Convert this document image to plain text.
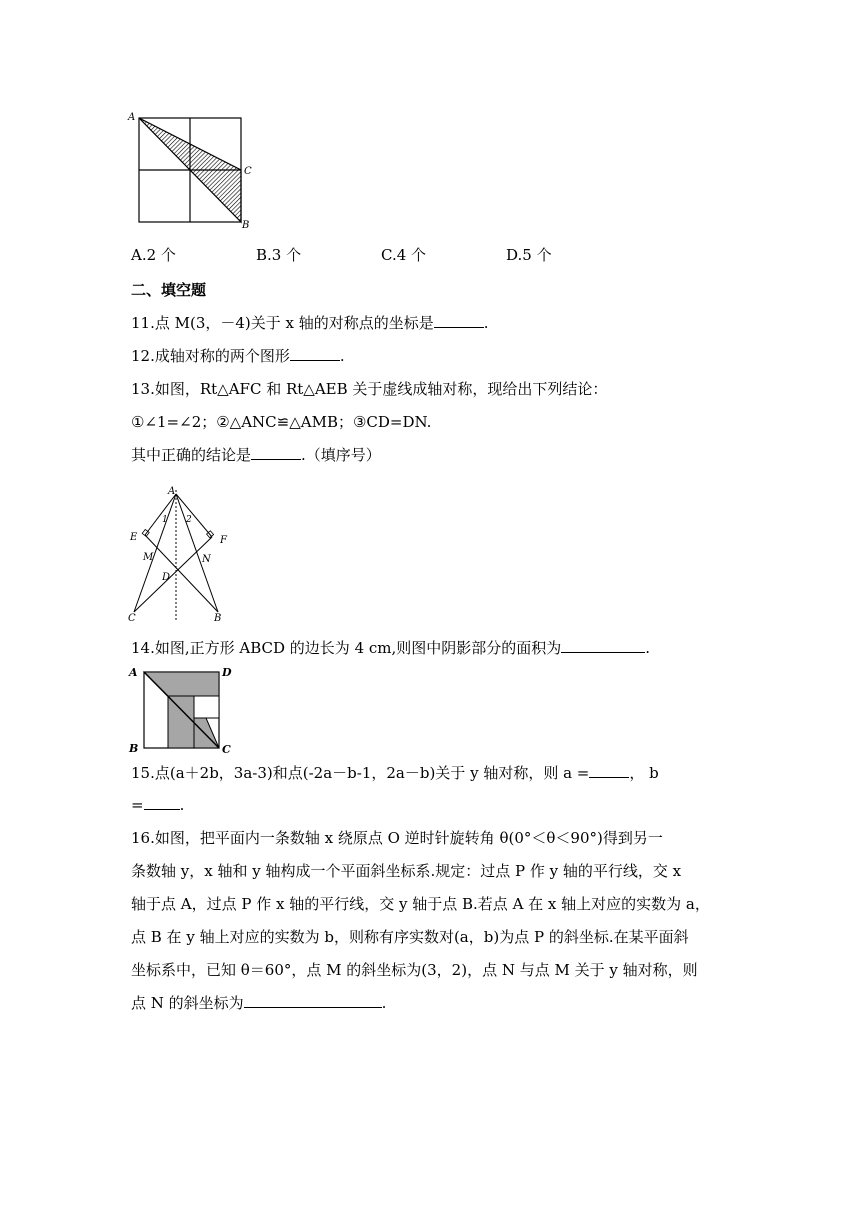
A
C
B
A.2 个	B.3 个	C.4 个	D.5 个
二、填空题
11.点 M(3，－4)关于 x 轴的对称点的坐标是	.
12.成轴对称的两个图形	.
13.如图，Rt△AFC 和 Rt△AEB 关于虚线成轴对称，现给出下列结论：
①∠1=∠2；②△ANC≌△AMB；③CD=DN.
其中正确的结论是	.（填序号）
A
1 2
E	F
M	N
D
C	B
14.如图,正方形 ABCD 的边长为 4 cm,则图中阴影部分的面积为	.
A	D
B	C
15.点(a＋2b，3a-3)和点(-2a－b-1，2a－b)关于 y 轴对称，则 a =	， b
= .
16.如图，把平面内一条数轴 x 绕原点 O 逆时针旋转角 θ(0°＜θ＜90°)得到另一
条数轴 y，x 轴和 y 轴构成一个平面斜坐标系.规定：过点 P 作 y 轴的平行线，交 x
轴于点 A，过点 P 作 x 轴的平行线，交 y 轴于点 B.若点 A 在 x 轴上对应的实数为 a，
点 B 在 y 轴上对应的实数为 b，则称有序实数对(a，b)为点 P 的斜坐标.在某平面斜
坐标系中，已知 θ＝60°，点 M 的斜坐标为(3，2)，点 N 与点 M 关于 y 轴对称，则
点 N 的斜坐标为	.
